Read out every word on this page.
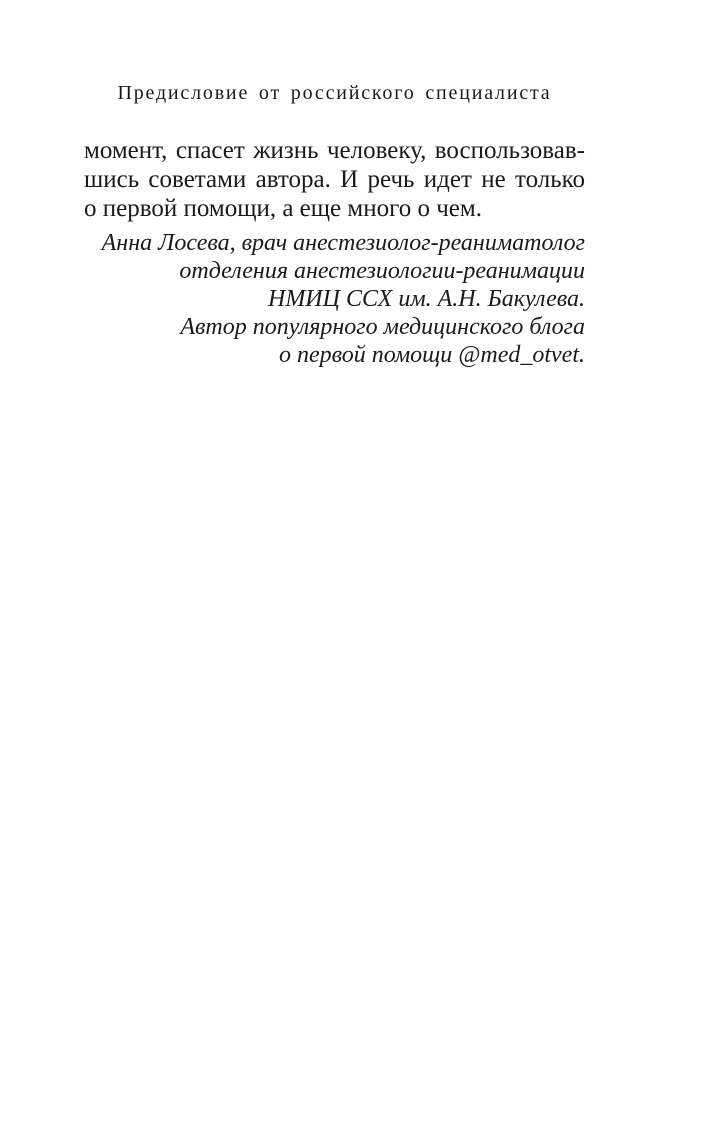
Предисловие от российского специалиста
момент, спасет жизнь человеку, воспользовав-
шись советами автора. И речь идет не только
о первой помощи, а еще много о чем.
Анна Лосева, врач анестезиолог-реаниматолог
отделения анестезиологии-реанимации
НМИЦ ССХ им. А.Н. Бакулева.
Автор популярного медицинского блога
о первой помощи @med_otvet.
